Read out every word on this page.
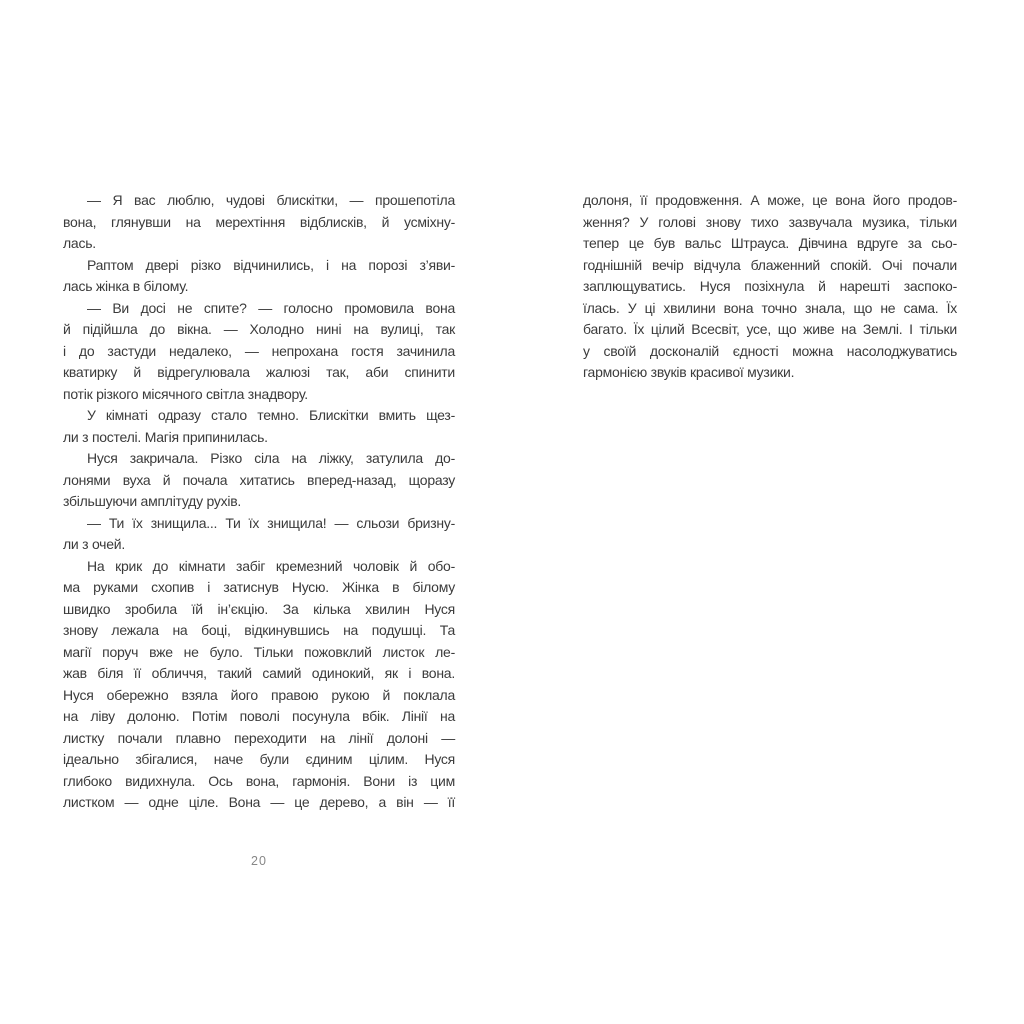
— Я вас люблю, чудові блискітки, — прошепотіла
вона, глянувши на мерехтіння відблисків, й усміхну-
лась.
Раптом двері різко відчинились, і на порозі з’яви-
лась жінка в білому.
— Ви досі не спите? — голосно промовила вона
й підійшла до вікна. — Холодно нині на вулиці, так
і до застуди недалеко, — непрохана гостя зачинила
кватирку й відрегулювала жалюзі так, аби спинити
потік різкого місячного світла знадвору.
У кімнаті одразу стало темно. Блискітки вмить щез-
ли з постелі. Магія припинилась.
Нуся закричала. Різко сіла на ліжку, затулила до-
лонями вуха й почала хитатись вперед-назад, щоразу
збільшуючи амплітуду рухів.
— Ти їх знищила... Ти їх знищила! — сльози бризну-
ли з очей.
На крик до кімнати забіг кремезний чоловік й обо-
ма руками схопив і затиснув Нусю. Жінка в білому
швидко зробила їй ін’єкцію. За кілька хвилин Нуся
знову лежала на боці, відкинувшись на подушці. Та
магії поруч вже не було. Тільки пожовклий листок ле-
жав біля її обличчя, такий самий одинокий, як і вона.
Нуся обережно взяла його правою рукою й поклала
на ліву долоню. Потім поволі посунула вбік. Лінії на
листку почали плавно переходити на лінії долоні —
ідеально збігалися, наче були єдиним цілим. Нуся
глибоко видихнула. Ось вона, гармонія. Вони із цим
листком — одне ціле. Вона — це дерево, а він — її
долоня, її продовження. А може, це вона його продов-
ження? У голові знову тихо зазвучала музика, тільки
тепер це був вальс Штрауса. Дівчина вдруге за сьо-
годнішній вечір відчула блаженний спокій. Очі почали
заплющуватись. Нуся позіхнула й нарешті заспоко-
їлась. У ці хвилини вона точно знала, що не сама. Їх
багато. Їх цілий Всесвіт, усе, що живе на Землі. І тільки
у своїй досконалій єдності можна насолоджуватись
гармонією звуків красивої музики.
20
